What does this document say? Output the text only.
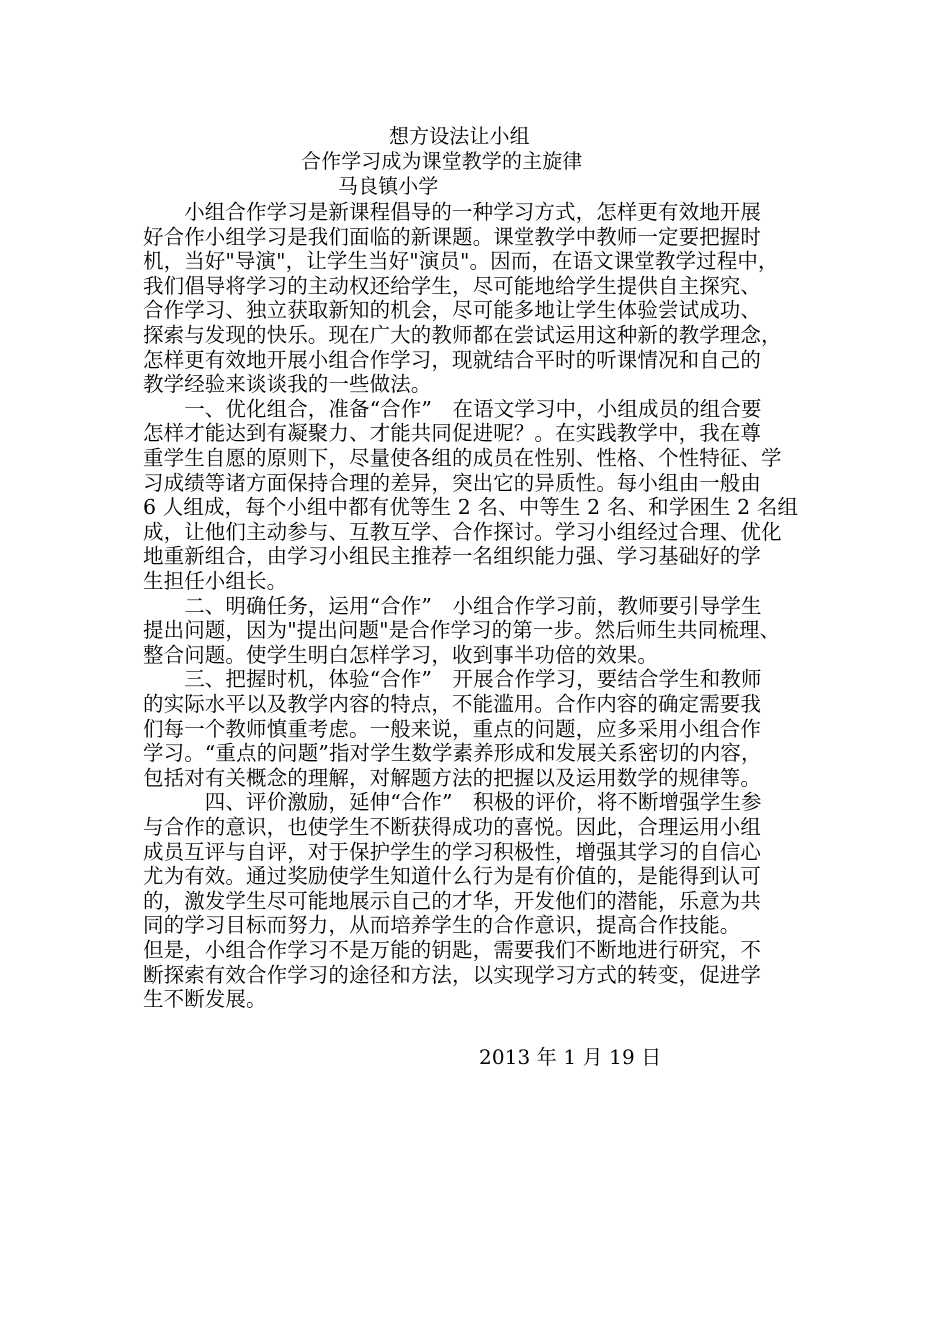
想方设法让小组
合作学习成为课堂教学的主旋律
马良镇小学
　　小组合作学习是新课程倡导的一种学习方式，怎样更有效地开展
好合作小组学习是我们面临的新课题。课堂教学中教师一定要把握时
机，当好"导演"，让学生当好"演员"。因而，在语文课堂教学过程中，
我们倡导将学习的主动权还给学生，尽可能地给学生提供自主探究、
合作学习、独立获取新知的机会，尽可能多地让学生体验尝试成功、
探索与发现的快乐。现在广大的教师都在尝试运用这种新的教学理念，
怎样更有效地开展小组合作学习，现就结合平时的听课情况和自己的
教学经验来谈谈我的一些做法。
　　一、优化组合，准备“合作”　在语文学习中，小组成员的组合要
怎样才能达到有凝聚力、才能共同促进呢？。在实践教学中，我在尊
重学生自愿的原则下，尽量使各组的成员在性别、性格、个性特征、学
习成绩等诸方面保持合理的差异，突出它的异质性。每小组由一般由
6 人组成，每个小组中都有优等生 2 名、中等生 2 名、和学困生 2 名组
成，让他们主动参与、互教互学、合作探讨。学习小组经过合理、优化
地重新组合，由学习小组民主推荐一名组织能力强、学习基础好的学
生担任小组长。
　　二、明确任务，运用“合作”　小组合作学习前，教师要引导学生
提出问题，因为"提出问题"是合作学习的第一步。然后师生共同梳理、
整合问题。使学生明白怎样学习，收到事半功倍的效果。
　　三、把握时机，体验“合作”　开展合作学习，要结合学生和教师
的实际水平以及教学内容的特点，不能滥用。合作内容的确定需要我
们每一个教师慎重考虑。一般来说，重点的问题，应多采用小组合作
学习。“重点的问题”指对学生数学素养形成和发展关系密切的内容，
包括对有关概念的理解，对解题方法的把握以及运用数学的规律等。
　　　四、评价激励，延伸“合作”　积极的评价，将不断增强学生参
与合作的意识，也使学生不断获得成功的喜悦。因此，合理运用小组
成员互评与自评，对于保护学生的学习积极性，增强其学习的自信心
尤为有效。通过奖励使学生知道什么行为是有价值的，是能得到认可
的，激发学生尽可能地展示自己的才华，开发他们的潜能，乐意为共
同的学习目标而努力，从而培养学生的合作意识，提高合作技能。
但是，小组合作学习不是万能的钥匙，需要我们不断地进行研究，不
断探索有效合作学习的途径和方法，以实现学习方式的转变，促进学
生不断发展。
2013 年 1 月 19 日
